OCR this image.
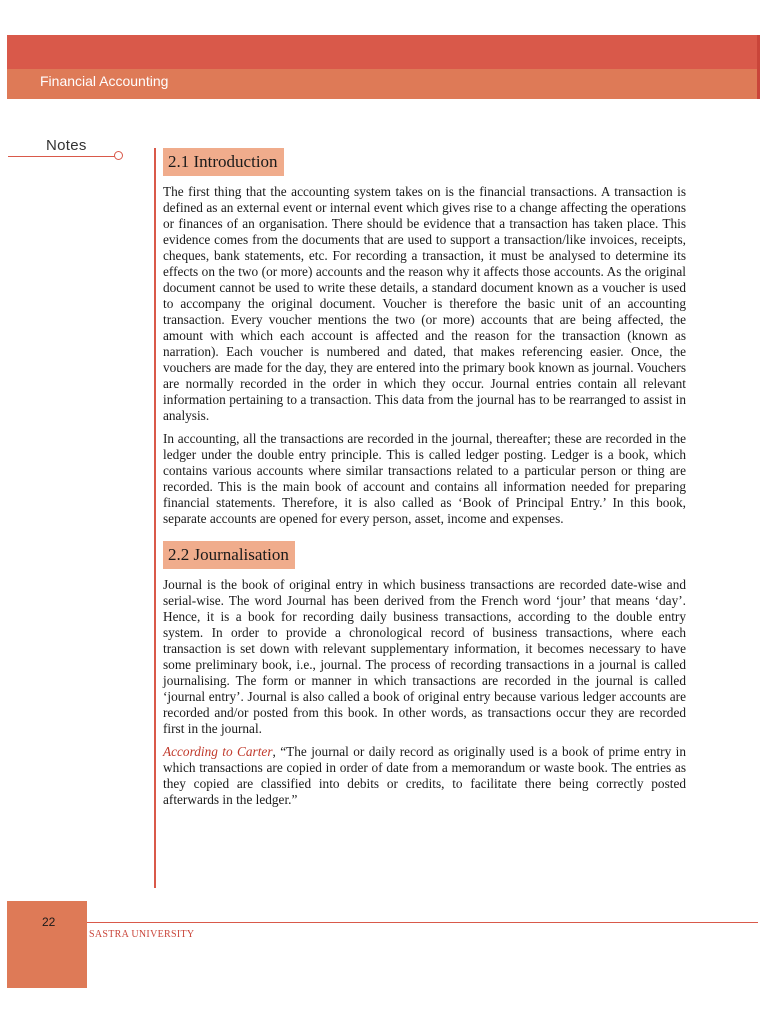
Financial Accounting
Notes
2.1 Introduction

The first thing that the accounting system takes on is the financial transactions. A transaction is defined as an external event or internal event which gives rise to a change affecting the operations or finances of an organisation. There should be evidence that a transaction has taken place. This evidence comes from the documents that are used to support a transaction/like invoices, receipts, cheques, bank statements, etc. For recording a transaction, it must be analysed to determine its effects on the two (or more) accounts and the reason why it affects those accounts. As the original document cannot be used to write these details, a standard document known as a voucher is used to accompany the original document. Voucher is therefore the basic unit of an accounting transaction. Every voucher mentions the two (or more) accounts that are being affected, the amount with which each account is affected and the reason for the transaction (known as narration). Each voucher is numbered and dated, that makes referencing easier. Once, the vouchers are made for the day, they are entered into the primary book known as journal. Vouchers are normally recorded in the order in which they occur. Journal entries contain all relevant information pertaining to a transaction. This data from the journal has to be rearranged to assist in analysis.

In accounting, all the transactions are recorded in the journal, thereafter; these are recorded in the ledger under the double entry principle. This is called ledger posting. Ledger is a book, which contains various accounts where similar transactions related to a particular person or thing are recorded. This is the main book of account and contains all information needed for preparing financial statements. Therefore, it is also called as ‘Book of Principal Entry.’ In this book, separate accounts are opened for every person, asset, income and expenses.

2.2 Journalisation

Journal is the book of original entry in which business transactions are recorded date-wise and serial-wise. The word Journal has been derived from the French word ‘jour’ that means ‘day’. Hence, it is a book for recording daily business transactions, according to the double entry system. In order to provide a chronological record of business transactions, where each transaction is set down with relevant supplementary information, it becomes necessary to have some preliminary book, i.e., journal. The process of recording transactions in a journal is called journalising. The form or manner in which transactions are recorded in the journal is called ‘journal entry’. Journal is also called a book of original entry because various ledger accounts are recorded and/or posted from this book. In other words, as transactions occur they are recorded first in the journal.

According to Carter, “The journal or daily record as originally used is a book of prime entry in which transactions are copied in order of date from a memorandum or waste book. The entries as they copied are classified into debits or credits, to facilitate there being correctly posted afterwards in the ledger.”

22
SASTRA UNIVERSITY
